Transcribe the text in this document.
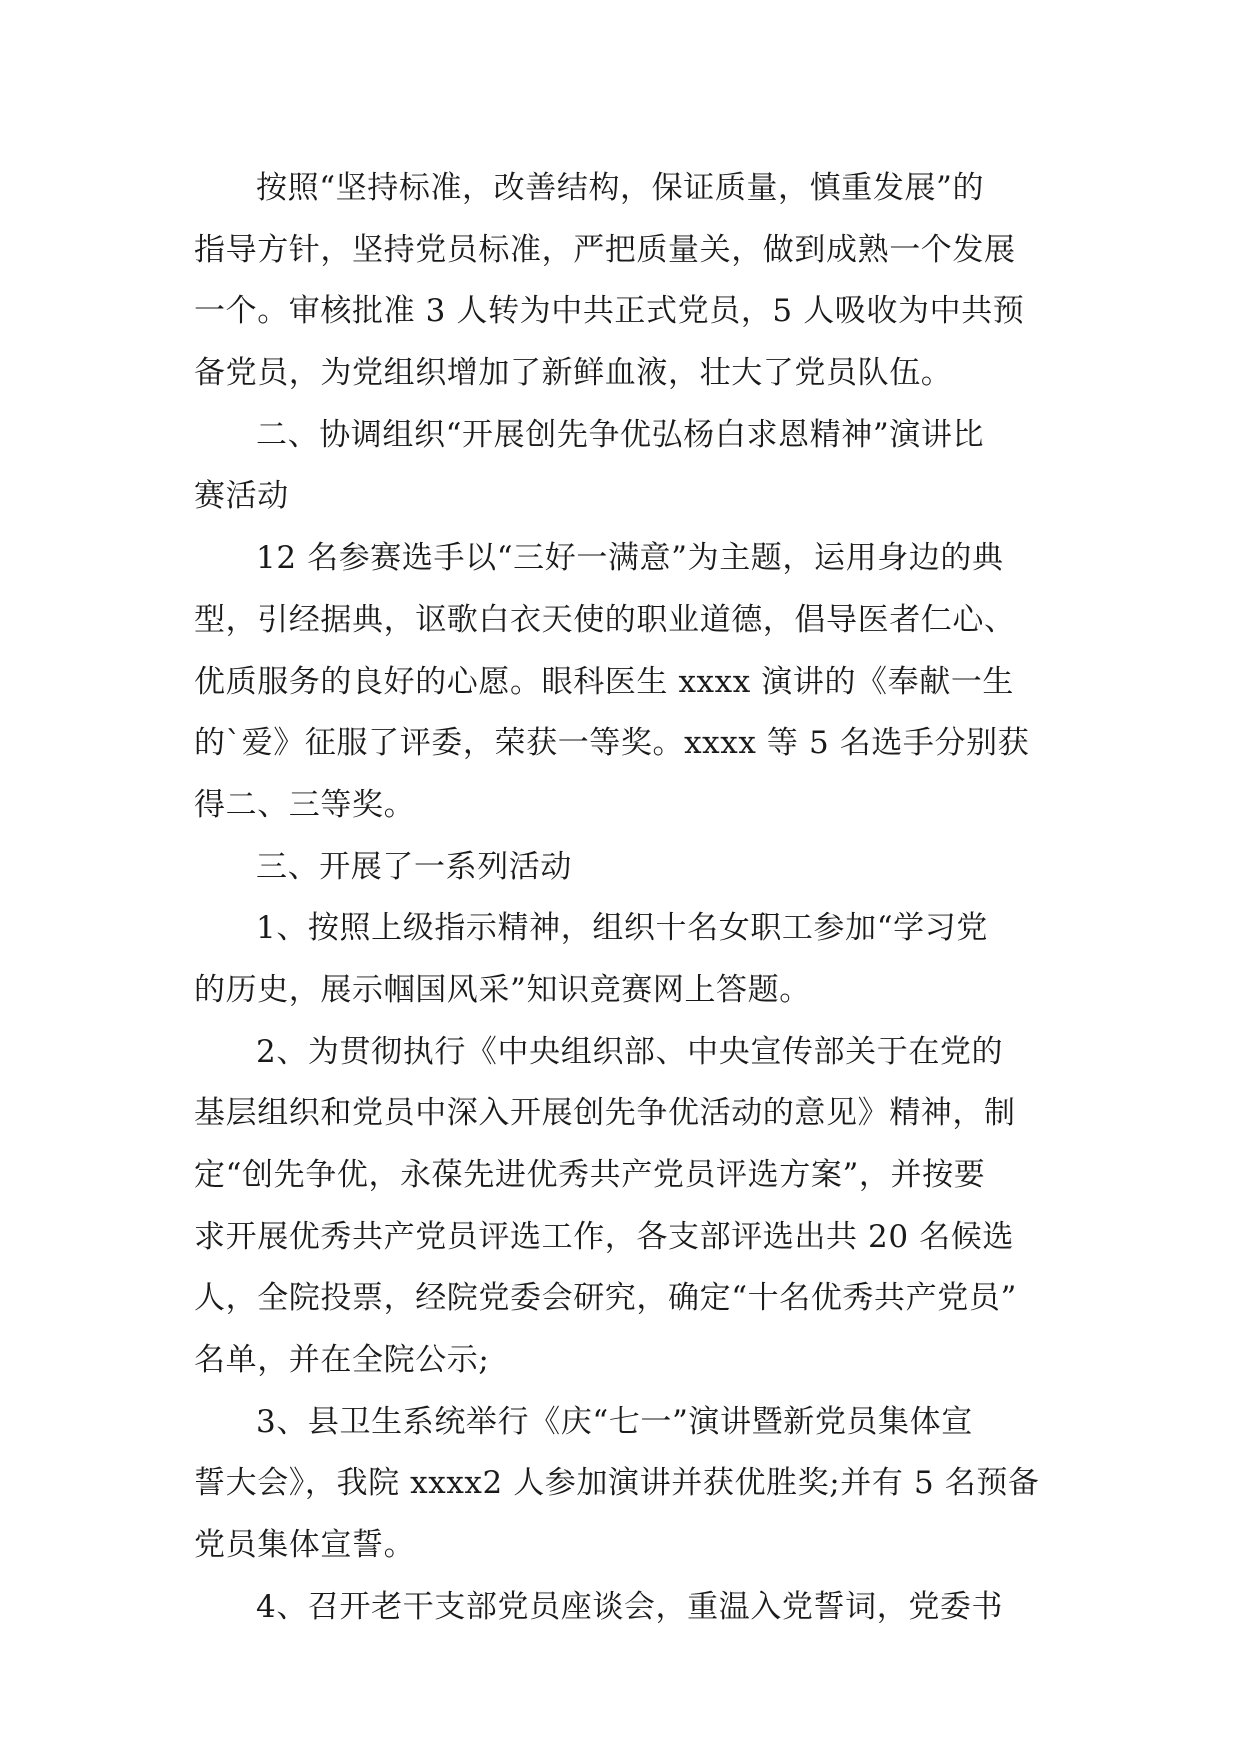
按照“坚持标准，改善结构，保证质量，慎重发展”的
指导方针，坚持党员标准，严把质量关，做到成熟一个发展
一个。审核批准 3 人转为中共正式党员，5 人吸收为中共预
备党员，为党组织增加了新鲜血液，壮大了党员队伍。
二、协调组织“开展创先争优弘杨白求恩精神”演讲比
赛活动
12 名参赛选手以“三好一满意”为主题，运用身边的典
型，引经据典，讴歌白衣天使的职业道德，倡导医者仁心、
优质服务的良好的心愿。眼科医生 xxxx 演讲的《奉献一生
的`爱》征服了评委，荣获一等奖。xxxx 等 5 名选手分别获
得二、三等奖。
三、开展了一系列活动
1、按照上级指示精神，组织十名女职工参加“学习党
的历史，展示帼国风采”知识竞赛网上答题。
2、为贯彻执行《中央组织部、中央宣传部关于在党的
基层组织和党员中深入开展创先争优活动的意见》精神，制
定“创先争优，永葆先进优秀共产党员评选方案”，并按要
求开展优秀共产党员评选工作，各支部评选出共 20 名候选
人，全院投票，经院党委会研究，确定“十名优秀共产党员”
名单，并在全院公示;
3、县卫生系统举行《庆“七一”演讲暨新党员集体宣
誓大会》，我院 xxxx2 人参加演讲并获优胜奖;并有 5 名预备
党员集体宣誓。
4、召开老干支部党员座谈会，重温入党誓词，党委书
